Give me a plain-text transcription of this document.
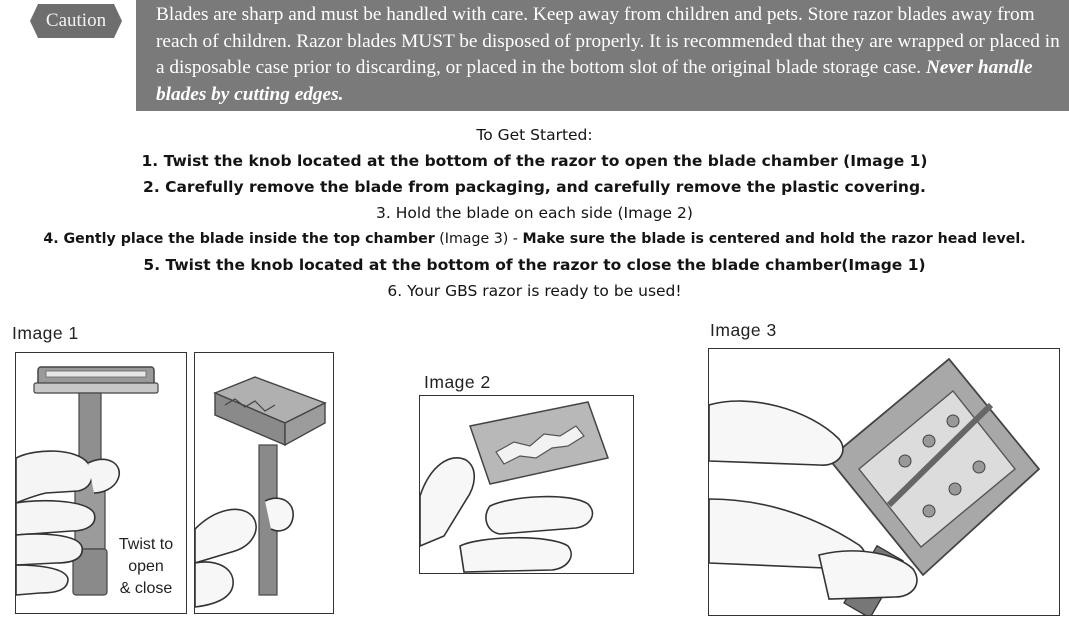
Caution	Blades are sharp and must be handled with care. Keep away from children and pets. Store razor blades away from reach of children. Razor blades MUST be disposed of properly. It is recommended that they are wrapped or placed in a disposable case prior to discarding, or placed in the bottom slot of the original blade storage case. Never handle blades by cutting edges.
To Get Started:
1. Twist the knob located at the bottom of the razor to open the blade chamber (Image 1)
2. Carefully remove the blade from packaging, and carefully remove the plastic covering.
3. Hold the blade on each side (Image 2)
4. Gently place the blade inside the top chamber (Image 3) - Make sure the blade is centered and hold the razor head level.
5. Twist the knob located at the bottom of the razor to close the blade chamber(Image 1)
6. Your GBS razor is ready to be used!
Image 1
Image 2
Image 3
Twist to
open
& close
